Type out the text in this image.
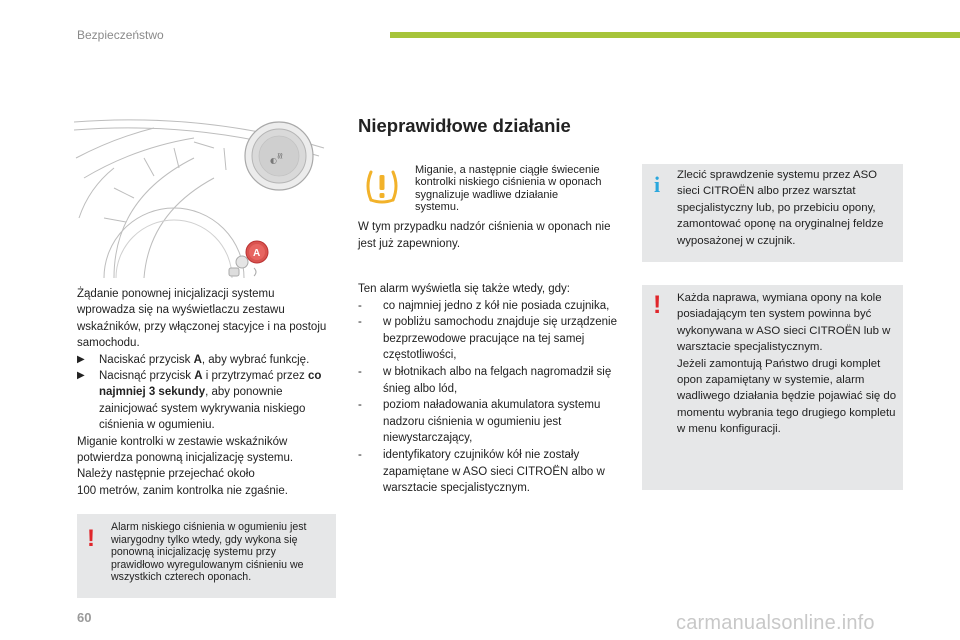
Bezpieczeństwo
≋
◐
A

Żądanie ponownej inicjalizacji systemu wprowadza się na wyświetlaczu zestawu wskaźników, przy włączonej stacyjce i na postoju samochodu.

▶ Naciskać przycisk A, aby wybrać funkcję.

▶ Nacisnąć przycisk A i przytrzymać przez co najmniej 3 sekundy, aby ponownie zainicjować system wykrywania niskiego ciśnienia w ogumieniu.

Miganie kontrolki w zestawie wskaźników potwierdza ponowną inicjalizację systemu.

Należy następnie przejechać około

100 metrów, zanim kontrolka nie zgaśnie.

! Alarm niskiego ciśnienia w ogumieniu jest wiarygodny tylko wtedy, gdy wykona się ponowną inicjalizację systemu przy prawidłowo wyregulowanym ciśnieniu we wszystkich czterech oponach.
Nieprawidłowe działanie
Miganie, a następnie ciągłe świecenie kontrolki niskiego ciśnienia w oponach sygnalizuje wadliwe działanie systemu.
W tym przypadku nadzór ciśnienia w oponach nie jest już zapewniony.

Ten alarm wyświetla się także wtedy, gdy:

- co najmniej jedno z kół nie posiada czujnika,

- w pobliżu samochodu znajduje się urządzenie bezprzewodowe pracujące na tej samej częstotliwości,

- w błotnikach albo na felgach nagromadził się śnieg albo lód,

- poziom naładowania akumulatora systemu nadzoru ciśnienia w ogumieniu jest niewystarczający,

- identyfikatory czujników kół nie zostały zapamiętane w ASO sieci CITROËN albo w warsztacie specjalistycznym.

i Zlecić sprawdzenie systemu przez ASO sieci CITROËN albo przez warsztat specjalistyczny lub, po przebiciu opony, zamontować oponę na oryginalnej feldze wyposażonej w czujnik.
! Każda naprawa, wymiana opony na kole posiadającym ten system powinna być wykonywana w ASO sieci CITROËN lub w warsztacie specjalistycznym.
Jeżeli zamontują Państwo drugi komplet opon zapamiętany w systemie, alarm wadliwego działania będzie pojawiać się do momentu wybrania tego drugiego kompletu w menu konfiguracji.
60	carmanualsonline.info
